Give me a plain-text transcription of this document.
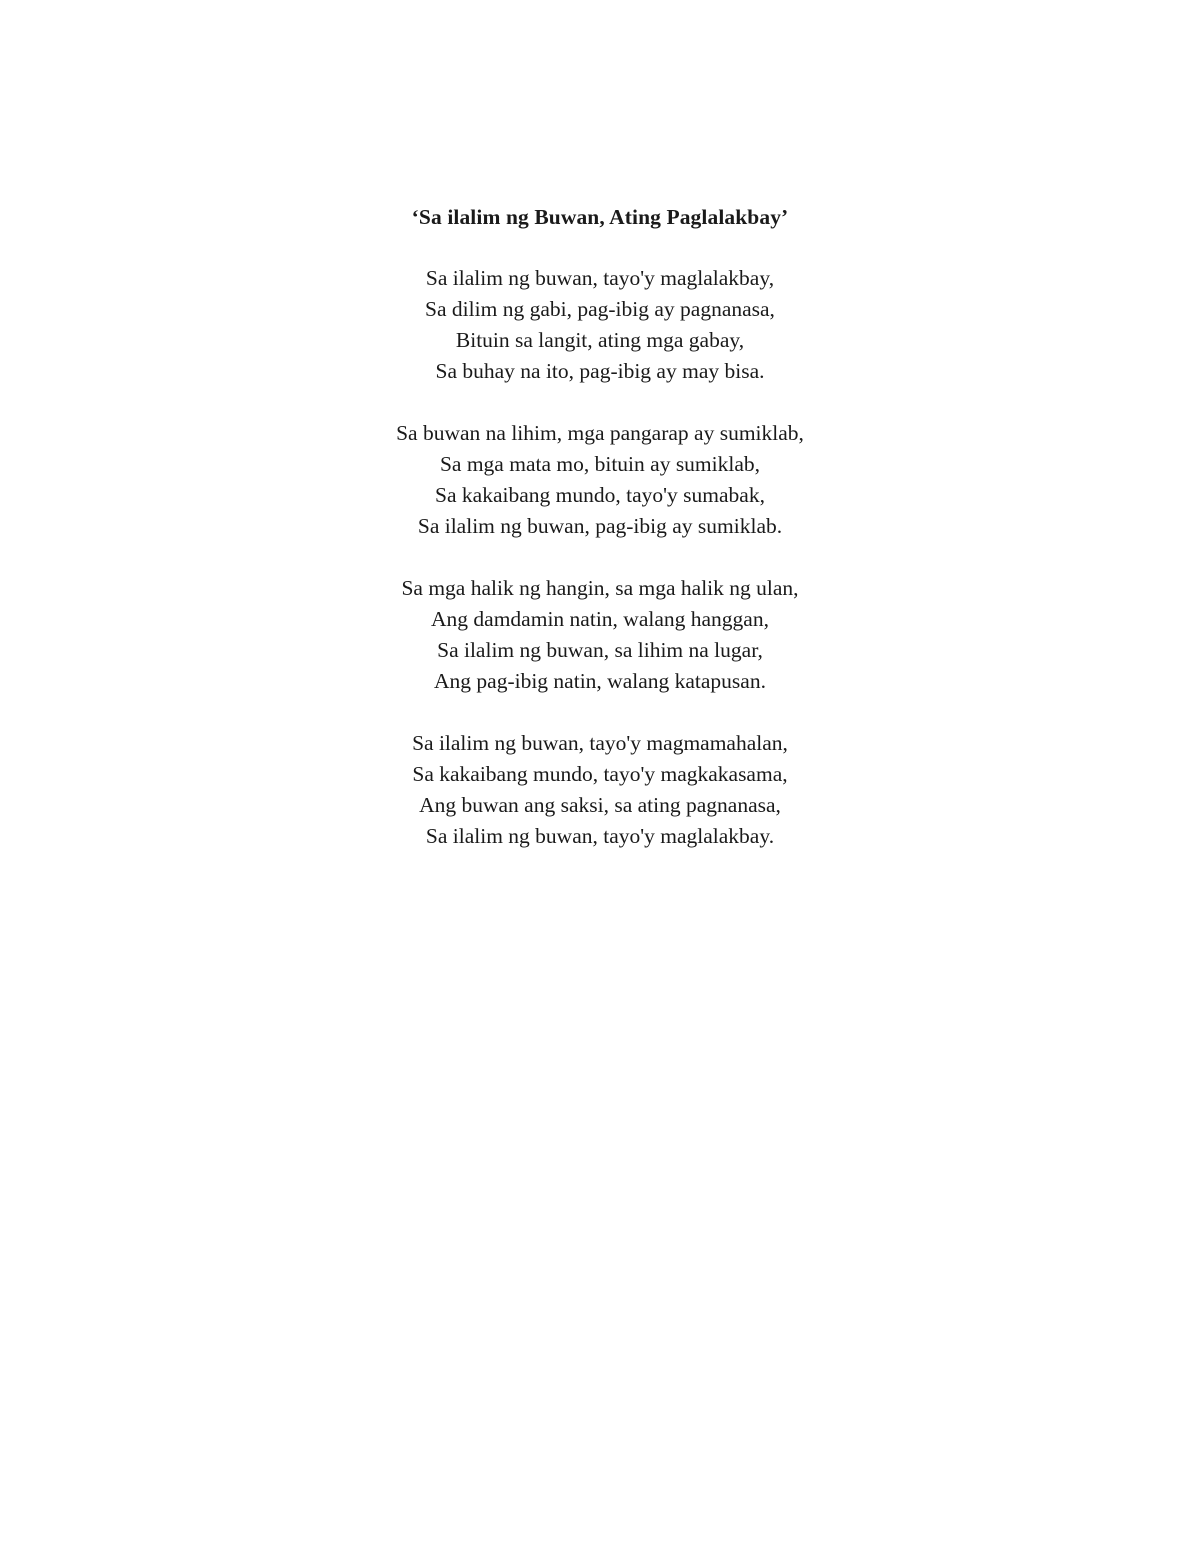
‘Sa ilalim ng Buwan, Ating Paglalakbay’
Sa ilalim ng buwan, tayo'y maglalakbay,
Sa dilim ng gabi, pag-ibig ay pagnanasa,
Bituin sa langit, ating mga gabay,
Sa buhay na ito, pag-ibig ay may bisa.
Sa buwan na lihim, mga pangarap ay sumiklab,
Sa mga mata mo, bituin ay sumiklab,
Sa kakaibang mundo, tayo'y sumabak,
Sa ilalim ng buwan, pag-ibig ay sumiklab.
Sa mga halik ng hangin, sa mga halik ng ulan,
Ang damdamin natin, walang hanggan,
Sa ilalim ng buwan, sa lihim na lugar,
Ang pag-ibig natin, walang katapusan.
Sa ilalim ng buwan, tayo'y magmamahalan,
Sa kakaibang mundo, tayo'y magkakasama,
Ang buwan ang saksi, sa ating pagnanasa,
Sa ilalim ng buwan, tayo'y maglalakbay.
